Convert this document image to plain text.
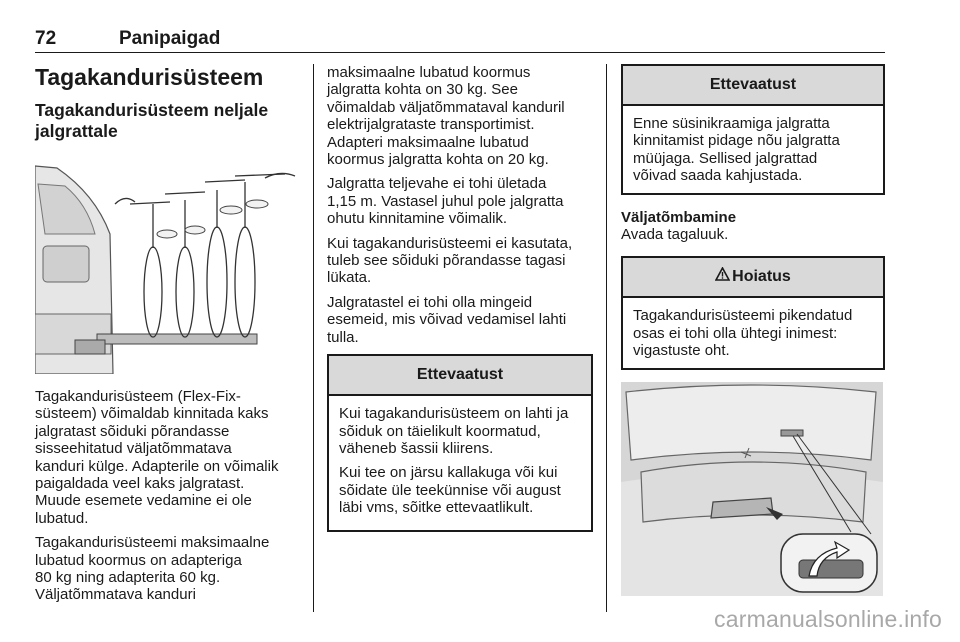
72	Panipaigad
Tagakandurisüsteem
Tagakandurisüsteem neljale
jalgrattale
Tagakandurisüsteem (Flex-Fix-
süsteem) võimaldab kinnitada kaks
jalgratast sõiduki põrandasse
sisseehitatud väljatõmmatava
kanduri külge. Adapterile on võimalik
paigaldada veel kaks jalgratast.
Muude esemete vedamine ei ole
lubatud.
Tagakandurisüsteemi maksimaalne
lubatud koormus on adapteriga
80 kg ning adapterita 60 kg.
Väljatõmmatava kanduri
maksimaalne lubatud koormus
jalgratta kohta on 30 kg. See
võimaldab väljatõmmataval kanduril
elektrijalgrataste transportimist.
Adapteri maksimaalne lubatud
koormus jalgratta kohta on 20 kg.
Jalgratta teljevahe ei tohi ületada
1,15 m. Vastasel juhul pole jalgratta
ohutu kinnitamine võimalik.
Kui tagakandurisüsteemi ei kasutata,
tuleb see sõiduki põrandasse tagasi
lükata.
Jalgratastel ei tohi olla mingeid
esemeid, mis võivad vedamisel lahti
tulla.
Ettevaatust
Kui tagakandurisüsteem on lahti ja
sõiduk on täielikult koormatud,
väheneb šassii kliirens.
Kui tee on järsu kallakuga või kui
sõidate üle teekünnise või august
läbi vms, sõitke ettevaatlikult.
Ettevaatust
Enne süsinikraamiga jalgratta
kinnitamist pidage nõu jalgratta
müüjaga. Sellised jalgrattad
võivad saada kahjustada.
Väljatõmbamine
Avada tagaluuk.
Hoiatus
Tagakandurisüsteemi pikendatud
osas ei tohi olla ühtegi inimest:
vigastuste oht.
carmanualsonline.info
